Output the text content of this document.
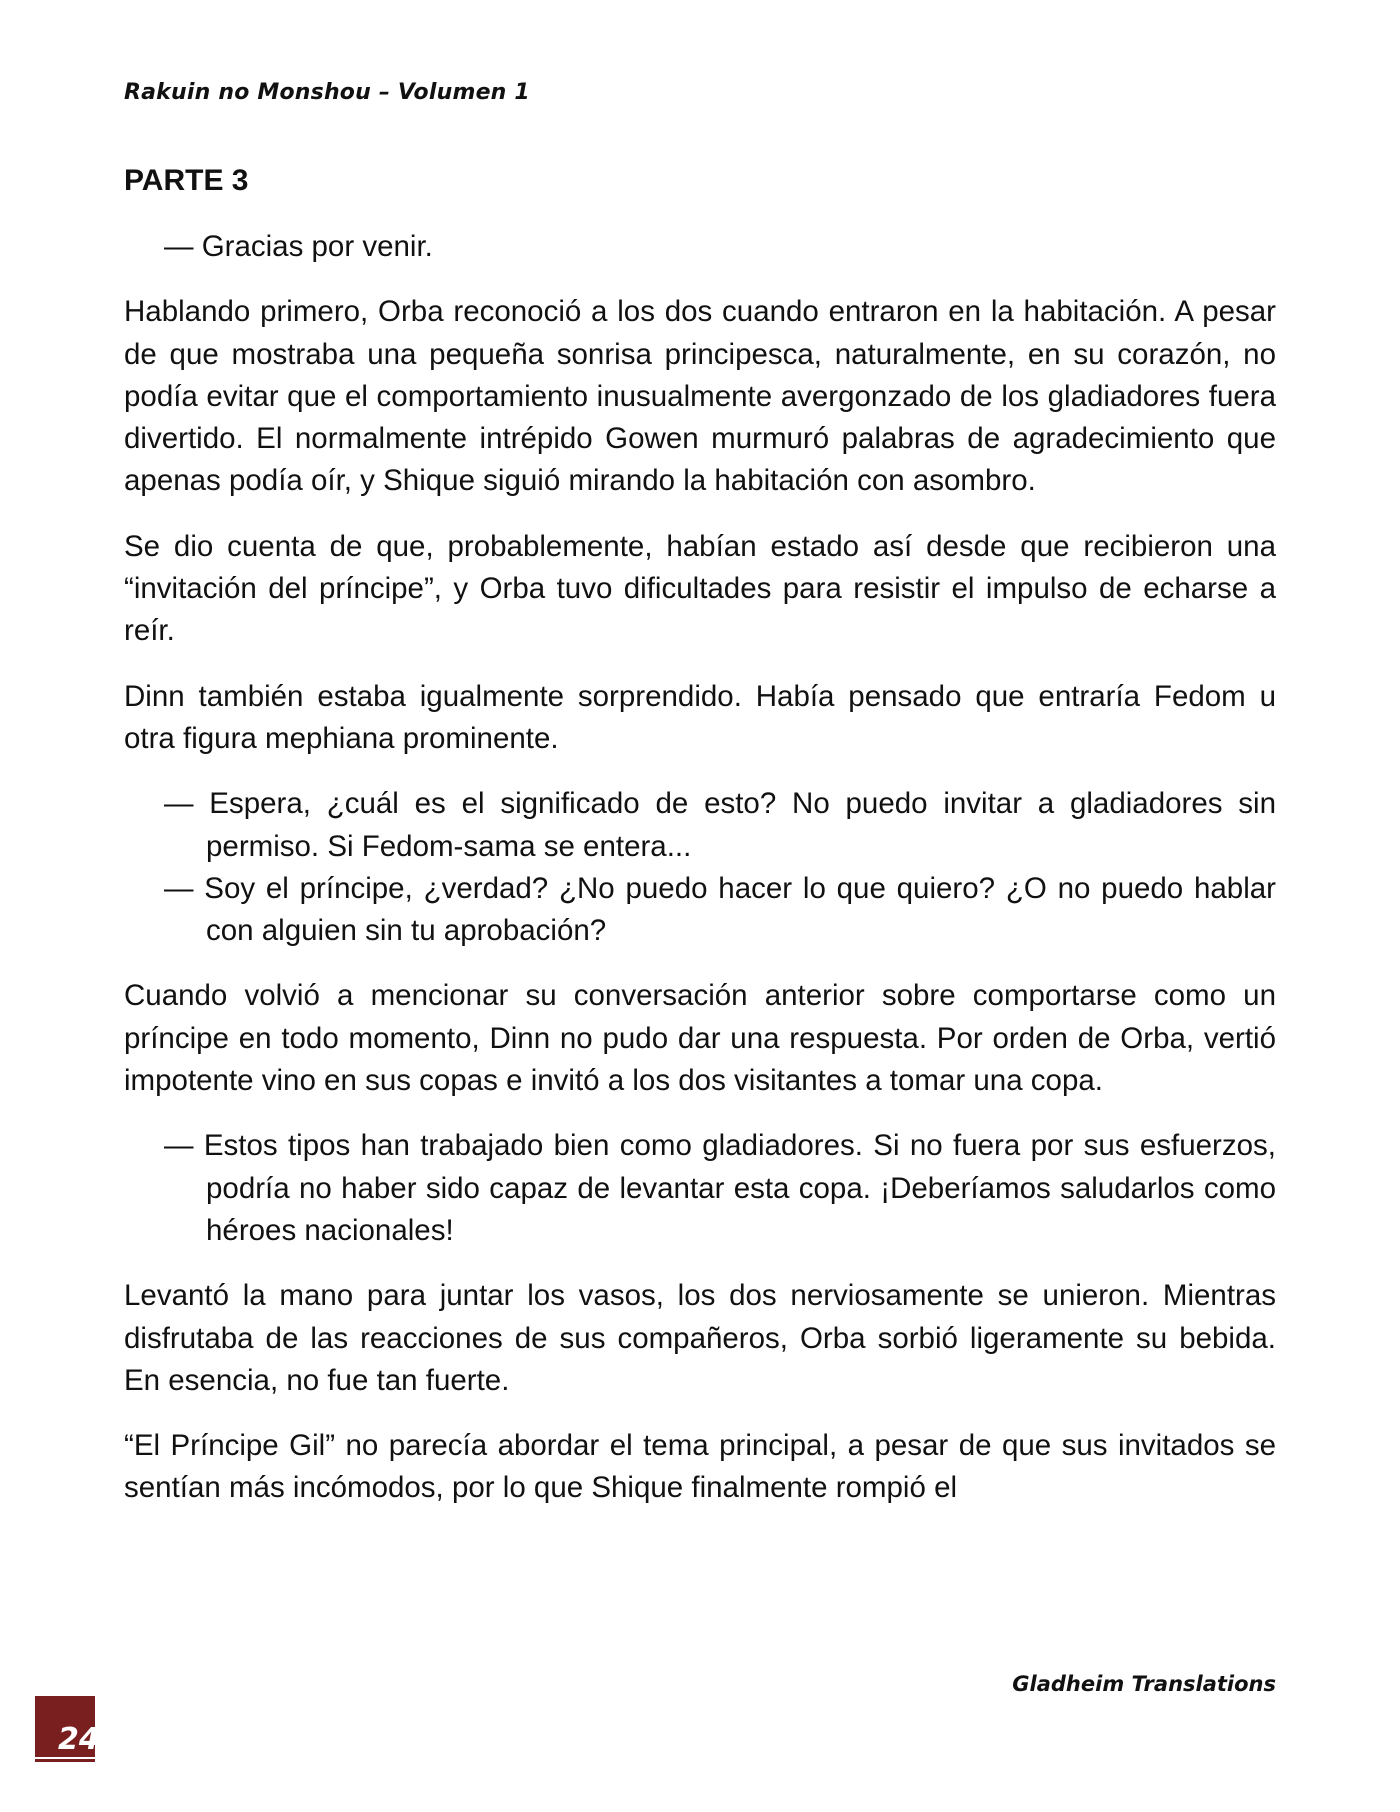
Rakuin no Monshou – Volumen 1
PARTE 3

— Gracias por venir.

Hablando primero, Orba reconoció a los dos cuando entraron en la habitación. A pesar de que mostraba una pequeña sonrisa principesca, naturalmente, en su corazón, no podía evitar que el comportamiento inusualmente avergonzado de los gladiadores fuera divertido. El normalmente intrépido Gowen murmuró palabras de agradecimiento que apenas podía oír, y Shique siguió mirando la habitación con asombro.

Se dio cuenta de que, probablemente, habían estado así desde que recibieron una “invitación del príncipe”, y Orba tuvo dificultades para resistir el impulso de echarse a reír.

Dinn también estaba igualmente sorprendido. Había pensado que entraría Fedom u otra figura mephiana prominente.

— Espera, ¿cuál es el significado de esto? No puedo invitar a gladiadores sin permiso. Si Fedom-sama se entera...

— Soy el príncipe, ¿verdad? ¿No puedo hacer lo que quiero? ¿O no puedo hablar con alguien sin tu aprobación?

Cuando volvió a mencionar su conversación anterior sobre comportarse como un príncipe en todo momento, Dinn no pudo dar una respuesta. Por orden de Orba, vertió impotente vino en sus copas e invitó a los dos visitantes a tomar una copa.

— Estos tipos han trabajado bien como gladiadores. Si no fuera por sus esfuerzos, podría no haber sido capaz de levantar esta copa. ¡Deberíamos saludarlos como héroes nacionales!

Levantó la mano para juntar los vasos, los dos nerviosamente se unieron. Mientras disfrutaba de las reacciones de sus compañeros, Orba sorbió ligeramente su bebida. En esencia, no fue tan fuerte.

“El Príncipe Gil” no parecía abordar el tema principal, a pesar de que sus invitados se sentían más incómodos, por lo que Shique finalmente rompió el

Gladheim Translations
24
